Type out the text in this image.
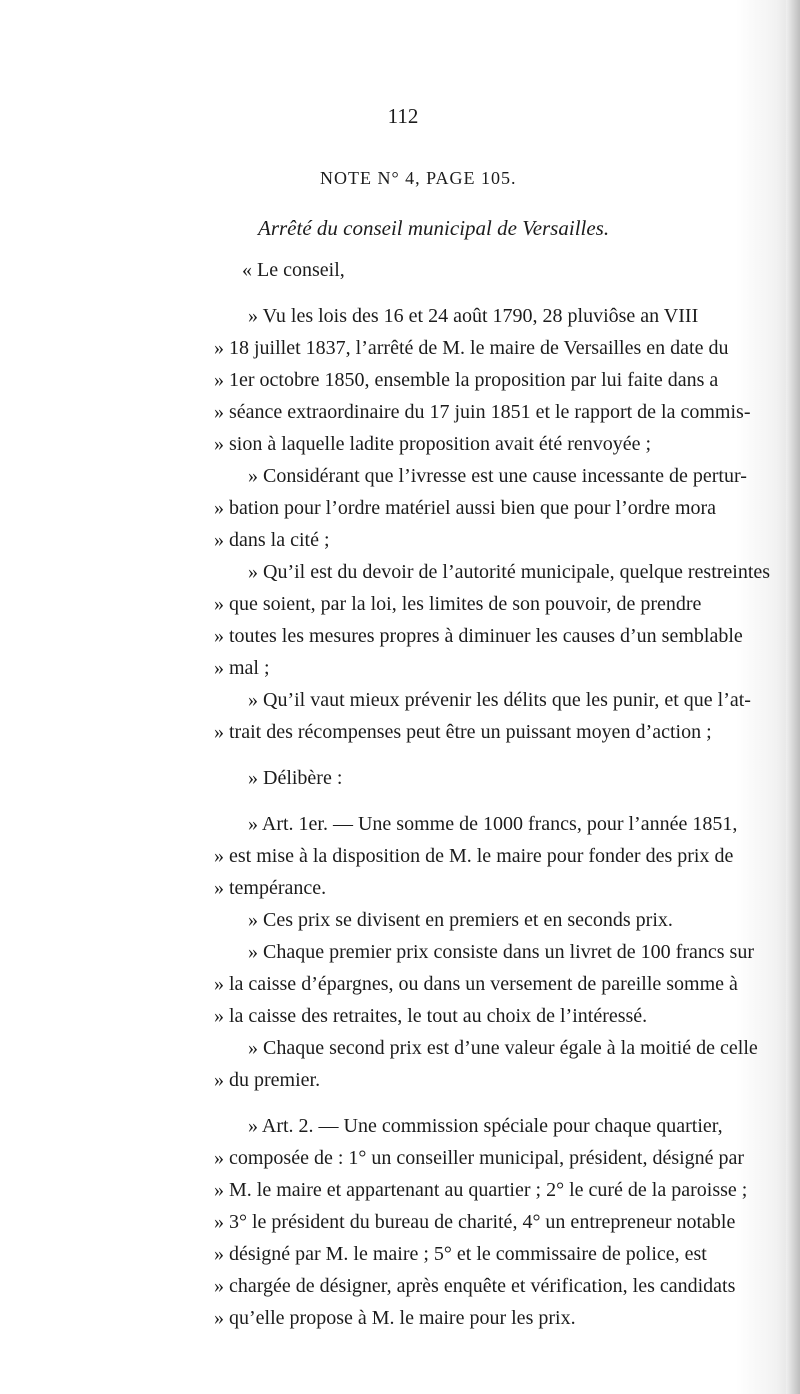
112
NOTE N° 4, PAGE 105.
Arrêté du conseil municipal de Versailles.
« Le conseil,
» Vu les lois des 16 et 24 août 1790, 28 pluviôse an VIII
» 18 juillet 1837, l’arrêté de M. le maire de Versailles en date du
» 1er octobre 1850, ensemble la proposition par lui faite dans a
» séance extraordinaire du 17 juin 1851 et le rapport de la commis-
» sion à laquelle ladite proposition avait été renvoyée ;
» Considérant que l’ivresse est une cause incessante de pertur-
» bation pour l’ordre matériel aussi bien que pour l’ordre mora
» dans la cité ;
» Qu’il est du devoir de l’autorité municipale, quelque restreintes
» que soient, par la loi, les limites de son pouvoir, de prendre
» toutes les mesures propres à diminuer les causes d’un semblable
» mal ;
» Qu’il vaut mieux prévenir les délits que les punir, et que l’at-
» trait des récompenses peut être un puissant moyen d’action ;
» Délibère :
» Art. 1er. — Une somme de 1000 francs, pour l’année 1851,
» est mise à la disposition de M. le maire pour fonder des prix de
» tempérance.
» Ces prix se divisent en premiers et en seconds prix.
» Chaque premier prix consiste dans un livret de 100 francs sur
» la caisse d’épargnes, ou dans un versement de pareille somme à
» la caisse des retraites, le tout au choix de l’intéressé.
» Chaque second prix est d’une valeur égale à la moitié de celle
» du premier.
» Art. 2. — Une commission spéciale pour chaque quartier,
» composée de : 1° un conseiller municipal, président, désigné par
» M. le maire et appartenant au quartier ; 2° le curé de la paroisse ;
» 3° le président du bureau de charité, 4° un entrepreneur notable
» désigné par M. le maire ; 5° et le commissaire de police, est
» chargée de désigner, après enquête et vérification, les candidats
» qu’elle propose à M. le maire pour les prix.
